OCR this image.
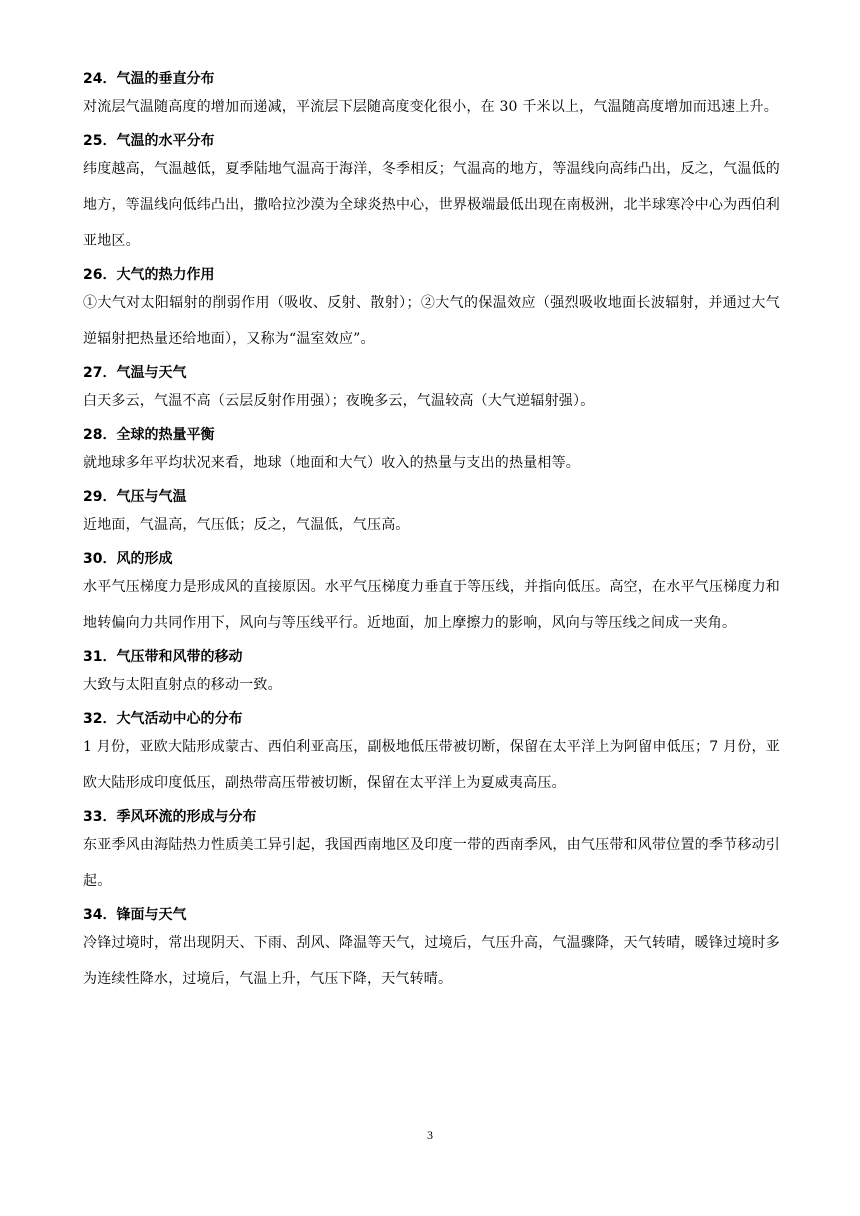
24．气温的垂直分布

对流层气温随高度的增加而递减，平流层下层随高度变化很小，在 30 千米以上，气温随高度增加而迅速上升。

25．气温的水平分布

纬度越高，气温越低，夏季陆地气温高于海洋，冬季相反；气温高的地方，等温线向高纬凸出，反之，气温低的地方，等温线向低纬凸出，撒哈拉沙漠为全球炎热中心，世界极端最低出现在南极洲，北半球寒冷中心为西伯利亚地区。

26．大气的热力作用

①大气对太阳辐射的削弱作用（吸收、反射、散射）；②大气的保温效应（强烈吸收地面长波辐射，并通过大气逆辐射把热量还给地面），又称为“温室效应”。

27．气温与天气

白天多云，气温不高（云层反射作用强）；夜晚多云，气温较高（大气逆辐射强）。

28．全球的热量平衡

就地球多年平均状况来看，地球（地面和大气）收入的热量与支出的热量相等。

29．气压与气温

近地面，气温高，气压低；反之，气温低，气压高。

30．风的形成

水平气压梯度力是形成风的直接原因。水平气压梯度力垂直于等压线，并指向低压。高空，在水平气压梯度力和地转偏向力共同作用下，风向与等压线平行。近地面，加上摩擦力的影响，风向与等压线之间成一夹角。

31．气压带和风带的移动

大致与太阳直射点的移动一致。

32．大气活动中心的分布

1 月份，亚欧大陆形成蒙古、西伯利亚高压，副极地低压带被切断，保留在太平洋上为阿留申低压；7 月份，亚欧大陆形成印度低压，副热带高压带被切断，保留在太平洋上为夏威夷高压。

33．季风环流的形成与分布

东亚季风由海陆热力性质美工异引起，我国西南地区及印度一带的西南季风，由气压带和风带位置的季节移动引起。

34．锋面与天气

冷锋过境时，常出现阴天、下雨、刮风、降温等天气，过境后，气压升高，气温骤降，天气转晴，暖锋过境时多为连续性降水，过境后，气温上升，气压下降，天气转晴。

3
